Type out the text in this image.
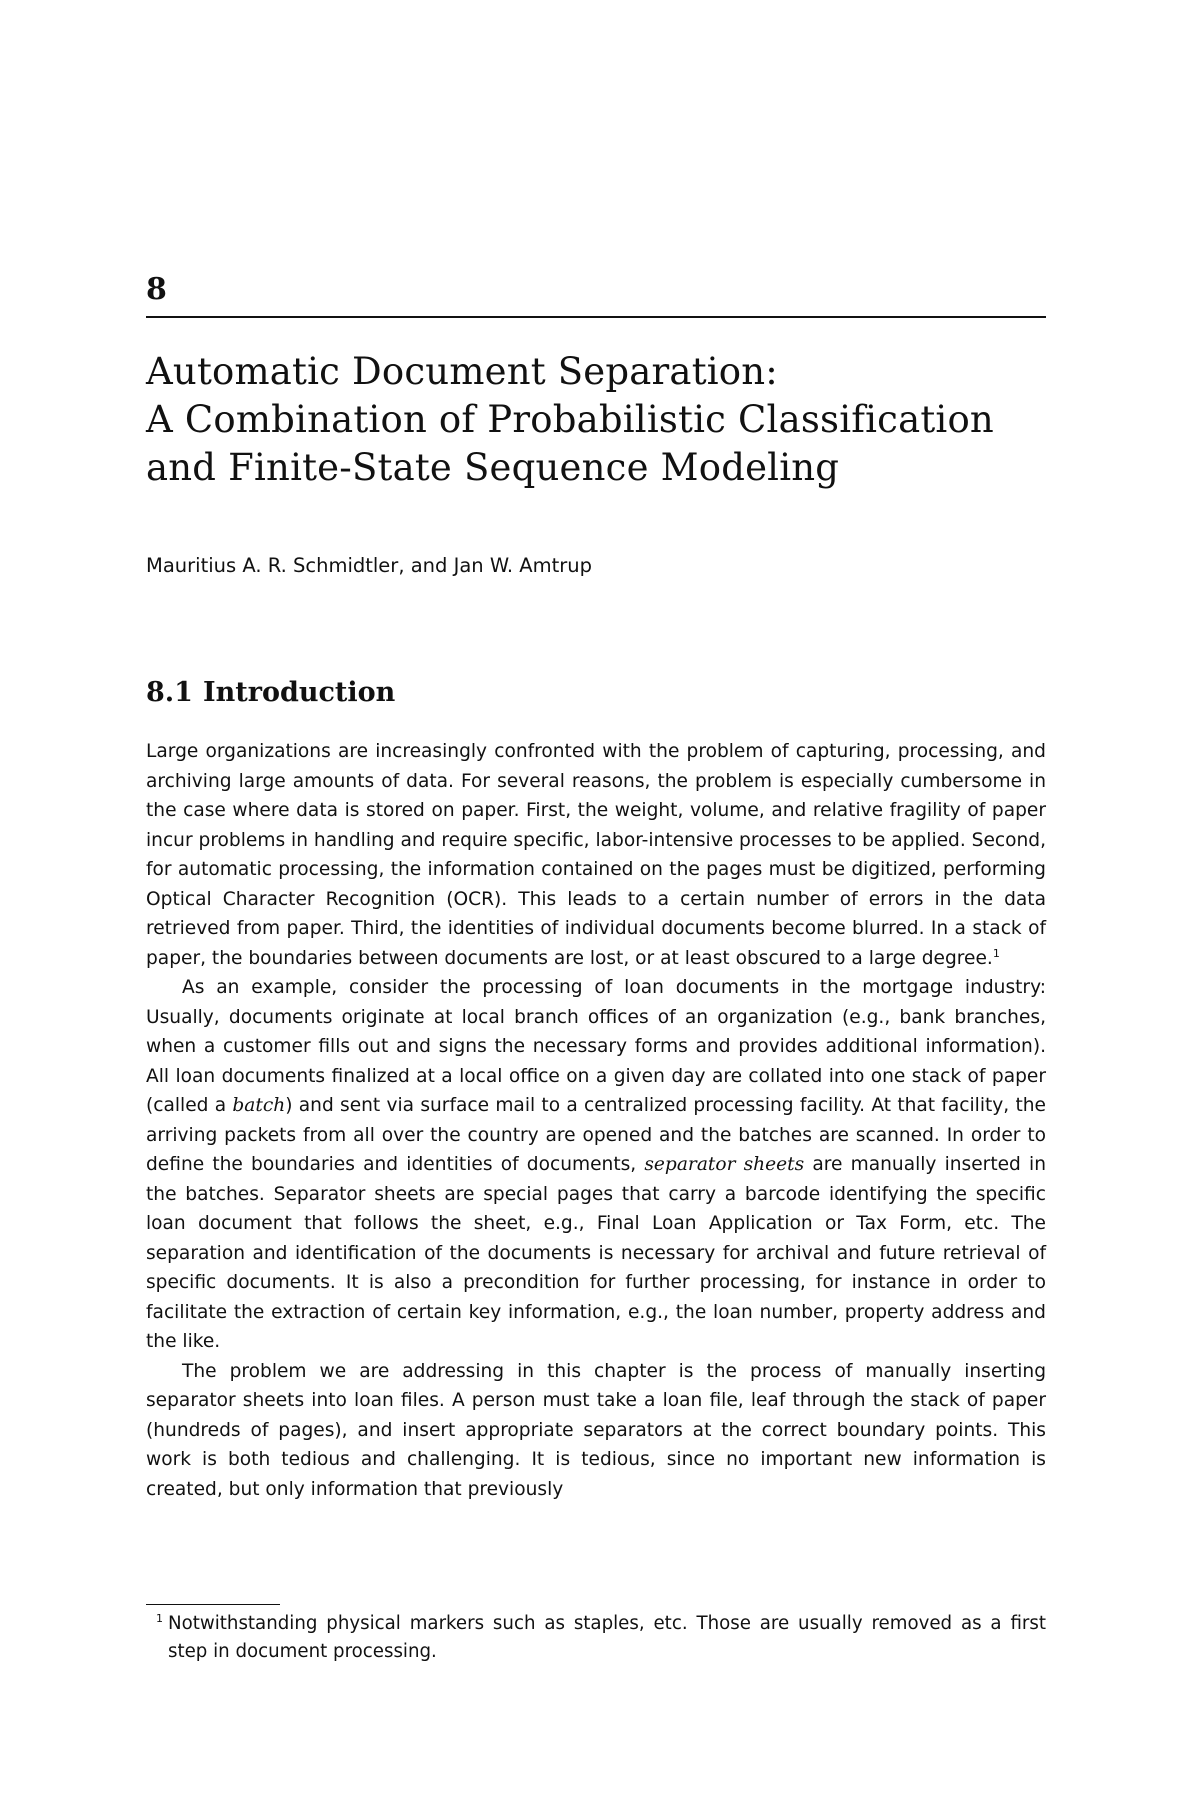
8
Automatic Document Separation:
A Combination of Probabilistic Classification
and Finite-State Sequence Modeling
Mauritius A. R. Schmidtler, and Jan W. Amtrup
8.1 Introduction

Large organizations are increasingly confronted with the problem of capturing, processing, and archiving large amounts of data. For several reasons, the problem is especially cumbersome in the case where data is stored on paper. First, the weight, volume, and relative fragility of paper incur problems in handling and require specific, labor-intensive processes to be applied. Second, for automatic processing, the information contained on the pages must be digitized, performing Optical Character Recognition (OCR). This leads to a certain number of errors in the data retrieved from paper. Third, the identities of individual documents become blurred. In a stack of paper, the boundaries between documents are lost, or at least obscured to a large degree.$^1$

As an example, consider the processing of loan documents in the mortgage industry: Usually, documents originate at local branch offices of an organization (e.g., bank branches, when a customer fills out and signs the necessary forms and provides additional information). All loan documents finalized at a local office on a given day are collated into one stack of paper (called a batch) and sent via surface mail to a centralized processing facility. At that facility, the arriving packets from all over the country are opened and the batches are scanned. In order to define the boundaries and identities of documents, separator sheets are manually inserted in the batches. Separator sheets are special pages that carry a barcode identifying the specific loan document that follows the sheet, e.g., Final Loan Application or Tax Form, etc. The separation and identification of the documents is necessary for archival and future retrieval of specific documents. It is also a precondition for further processing, for instance in order to facilitate the extraction of certain key information, e.g., the loan number, property address and the like.

The problem we are addressing in this chapter is the process of manually inserting separator sheets into loan files. A person must take a loan file, leaf through the stack of paper (hundreds of pages), and insert appropriate separators at the correct boundary points. This work is both tedious and challenging. It is tedious, since no important new information is created, but only information that previously

1 Notwithstanding physical markers such as staples, etc. Those are usually removed as a first step in document processing.
